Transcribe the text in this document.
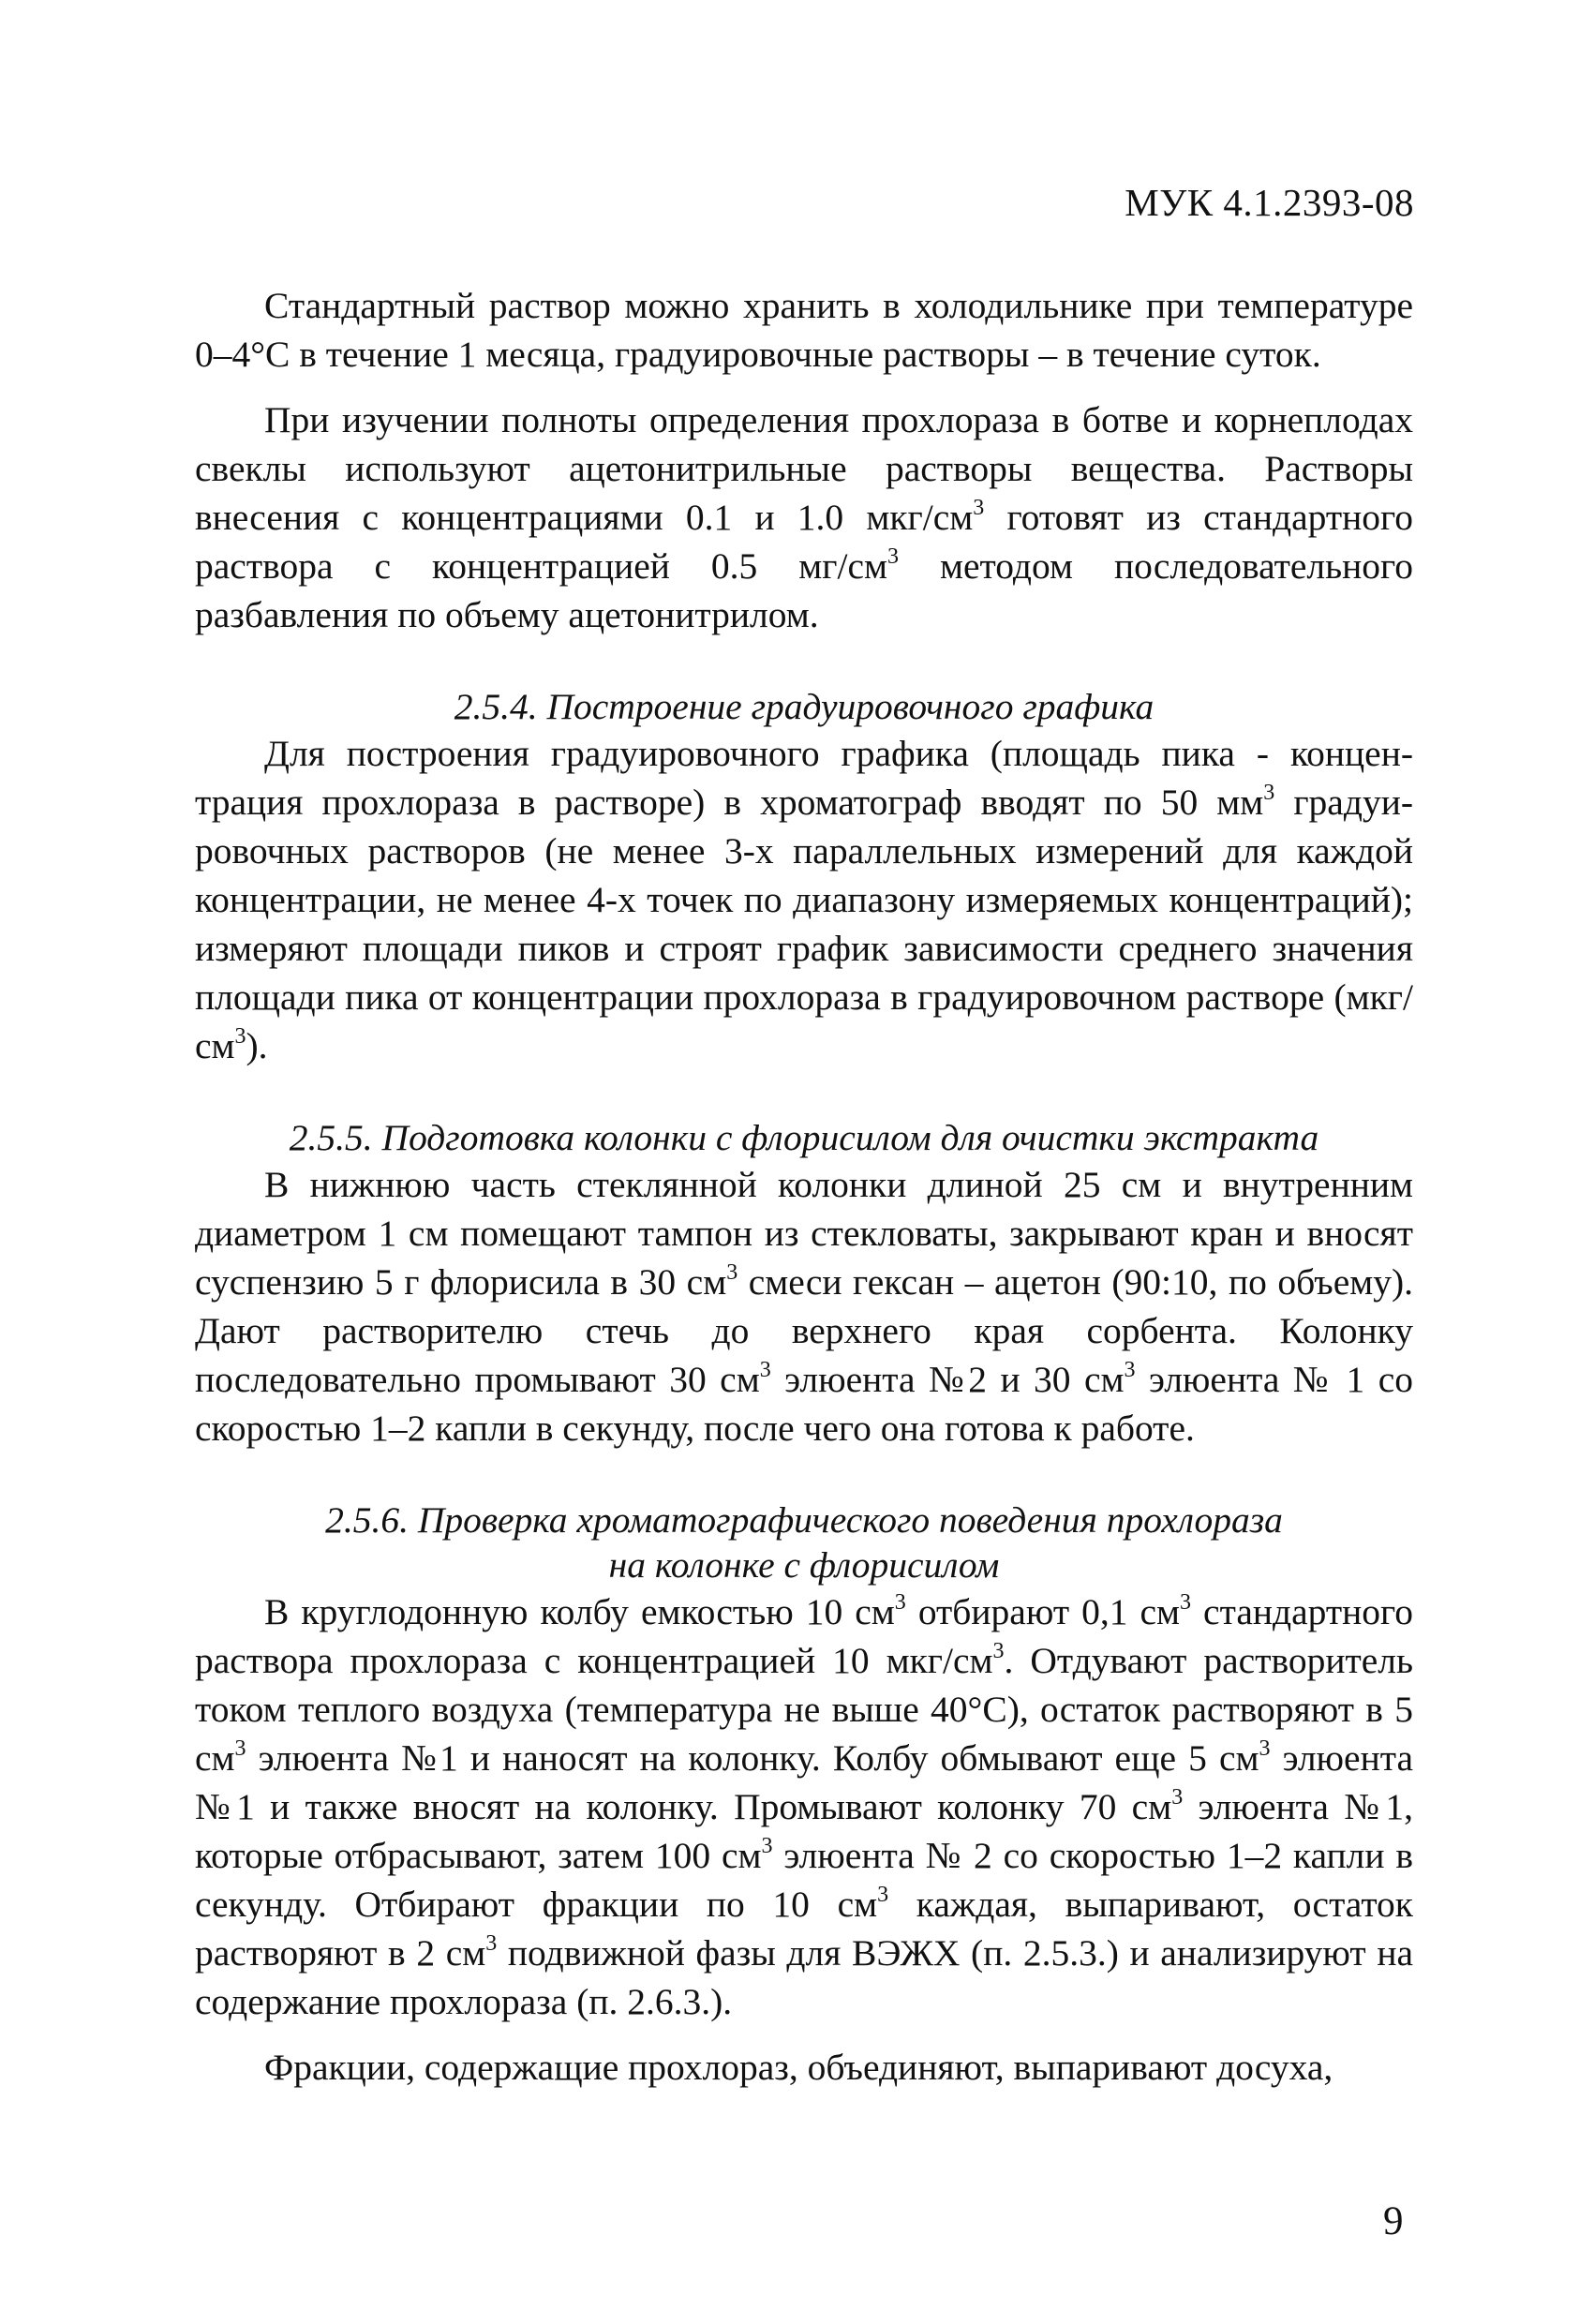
МУК 4.1.2393-08

Стандартный раствор можно хранить в холодильнике при температуре 0–4°С в течение 1 месяца, градуировочные растворы – в течение суток.

При изучении полноты определения прохлораза в ботве и корнеплодах свеклы используют ацетонитрильные растворы вещества. Растворы внесения с концентрациями 0.1 и 1.0 мкг/$см^3$ готовят из стандартного раствора с концентрацией 0.5 $мг/см^3$ методом последовательного разбавления по объему ацетонитрилом.

2.5.4. Построение градуировочного графика

Для построения градуировочного графика (площадь пика - концентрация прохлораза в растворе) в хроматограф вводят по 50 $мм^3$ градуировочных растворов (не менее 3-х параллельных измерений для каждой концентрации, не менее 4-х точек по диапазону измеряемых концентраций); измеряют площади пиков и строят график зависимости среднего значения площади пика от концентрации прохлораза в градуировочном растворе $(мкг/см^3)$.

2.5.5. Подготовка колонки с флорисилом для очистки экстракта

В нижнюю часть стеклянной колонки длиной 25 см и внутренним диаметром 1 см помещают тампон из стекловаты, закрывают кран и вносят суспензию 5 г флорисила в 30 $см^3$ смеси гексан – ацетон (90:10, по объему). Дают растворителю стечь до верхнего края сорбента. Колонку последовательно промывают 30 $см^3$ элюента №2 и 30 $см^3$ элюента № 1 со скоростью 1–2 капли в секунду, после чего она готова к работе.

2.5.6. Проверка хроматографического поведения прохлораза
на колонке с флорисилом

В круглодонную колбу емкостью 10 $см^3$ отбирают 0,1 $см^3$ стандартного раствора прохлораза с концентрацией 10 мкг/$см^3$. Отдувают растворитель током теплого воздуха (температура не выше 40°С), остаток растворяют в 5 $см^3$ элюента №1 и наносят на колонку. Колбу обмывают еще 5 $см^3$ элюента №1 и также вносят на колонку. Промывают колонку 70 $см^3$ элюента №1, которые отбрасывают, затем 100 $см^3$ элюента № 2 со скоростью 1–2 капли в секунду. Отбирают фракции по 10 $см^3$ каждая, выпаривают, остаток растворяют в 2 $см^3$ подвижной фазы для ВЭЖХ (п. 2.5.3.) и анализируют на содержание прохлораза (п. 2.6.3.).

Фракции, содержащие прохлораз, объединяют, выпаривают досуха,

9
